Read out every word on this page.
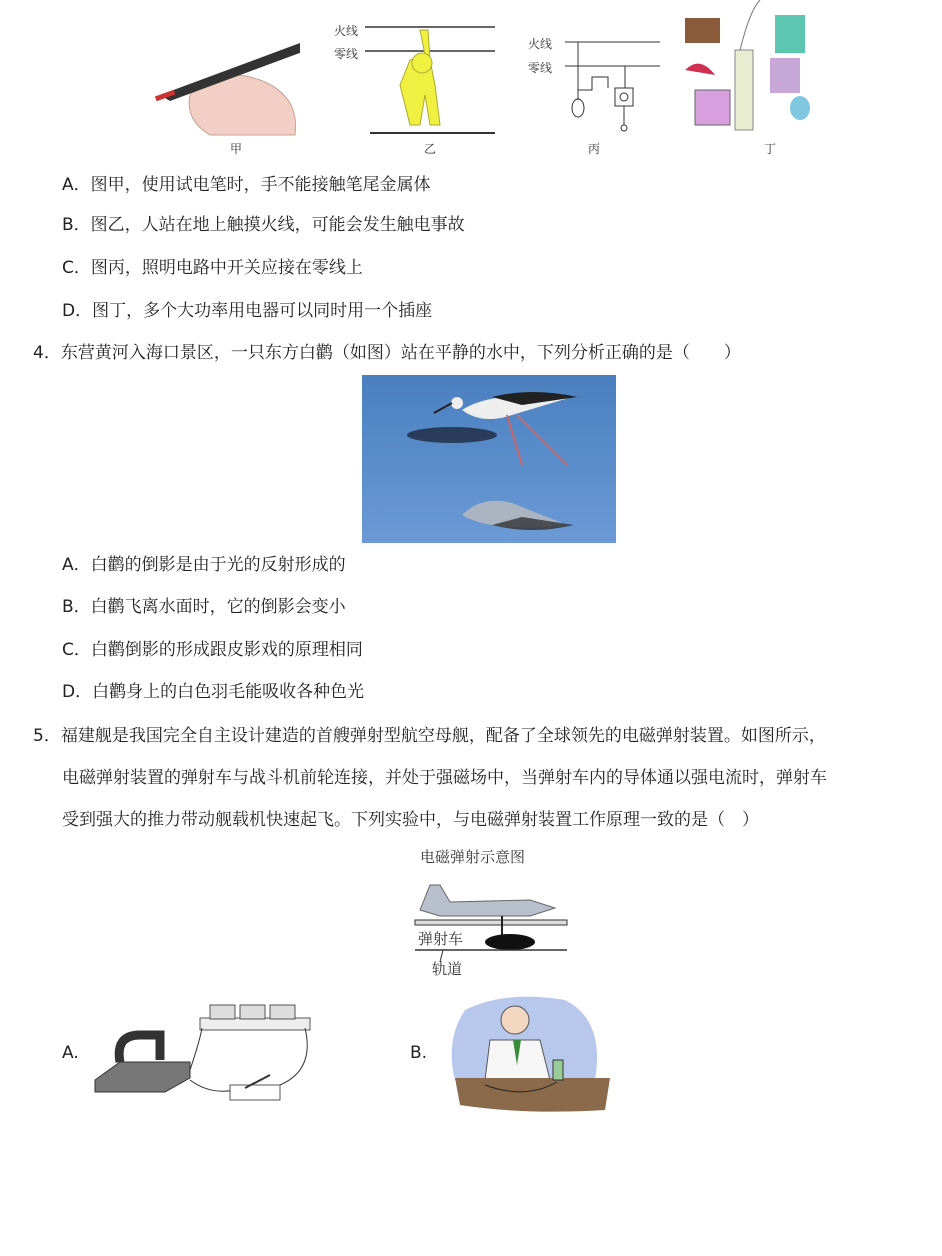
甲
火线
零线
乙
火线
零线
丙	丁
A．图甲，使用试电笔时，手不能接触笔尾金属体
B．图乙，人站在地上触摸火线，可能会发生触电事故
C．图丙，照明电路中开关应接在零线上
D．图丁，多个大功率用电器可以同时用一个插座
4．东营黄河入海口景区，一只东方白鹳（如图）站在平静的水中，下列分析正确的是（　　）
A．白鹳的倒影是由于光的反射形成的
B．白鹳飞离水面时，它的倒影会变小
C．白鹳倒影的形成跟皮影戏的原理相同
D．白鹳身上的白色羽毛能吸收各种色光
5．福建舰是我国完全自主设计建造的首艘弹射型航空母舰，配备了全球领先的电磁弹射装置。如图所示，
电磁弹射装置的弹射车与战斗机前轮连接，并处于强磁场中，当弹射车内的导体通以强电流时，弹射车
受到强大的推力带动舰载机快速起飞。下列实验中，与电磁弹射装置工作原理一致的是（　）
电磁弹射示意图
弹射车
轨道
A.	B.
